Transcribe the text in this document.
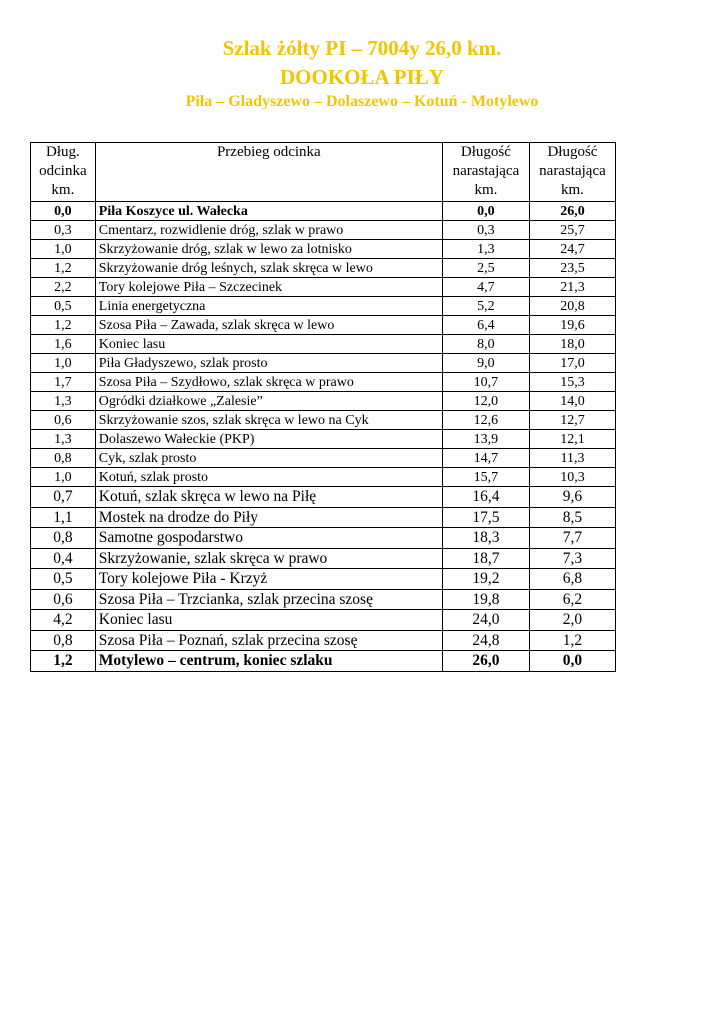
Szlak żółty PI – 7004y 26,0 km.
DOOKOŁA PIŁY
Piła – Gladyszewo – Dolaszewo – Kotuń - Motylewo
Dług. odcinka km.	Przebieg odcinka	Długość narastająca km.	Długość narastająca km.
0,0	Piła Koszyce ul. Wałecka	0,0	26,0
0,3	Cmentarz, rozwidlenie dróg, szlak w prawo	0,3	25,7
1,0	Skrzyżowanie dróg, szlak w lewo za lotnisko	1,3	24,7
1,2	Skrzyżowanie dróg leśnych, szlak skręca w lewo	2,5	23,5
2,2	Tory kolejowe Piła – Szczecinek	4,7	21,3
0,5	Linia energetyczna	5,2	20,8
1,2	Szosa Piła – Zawada, szlak skręca w lewo	6,4	19,6
1,6	Koniec lasu	8,0	18,0
1,0	Piła Gładyszewo, szlak prosto	9,0	17,0
1,7	Szosa Piła – Szydłowo, szlak skręca w prawo	10,7	15,3
1,3	Ogródki działkowe „Zalesie”	12,0	14,0
0,6	Skrzyżowanie szos, szlak skręca w lewo na Cyk	12,6	12,7
1,3	Dolaszewo Wałeckie (PKP)	13,9	12,1
0,8	Cyk, szlak prosto	14,7	11,3
1,0	Kotuń, szlak prosto	15,7	10,3
0,7	Kotuń, szlak skręca w lewo na Piłę	16,4	9,6
1,1	Mostek na drodze do Piły	17,5	8,5
0,8	Samotne gospodarstwo	18,3	7,7
0,4	Skrzyżowanie, szlak skręca w prawo	18,7	7,3
0,5	Tory kolejowe Piła - Krzyż	19,2	6,8
0,6	Szosa Piła – Trzcianka, szlak przecina szosę	19,8	6,2
4,2	Koniec lasu	24,0	2,0
0,8	Szosa Piła – Poznań, szlak przecina szosę	24,8	1,2
1,2	Motylewo – centrum, koniec szlaku	26,0	0,0
